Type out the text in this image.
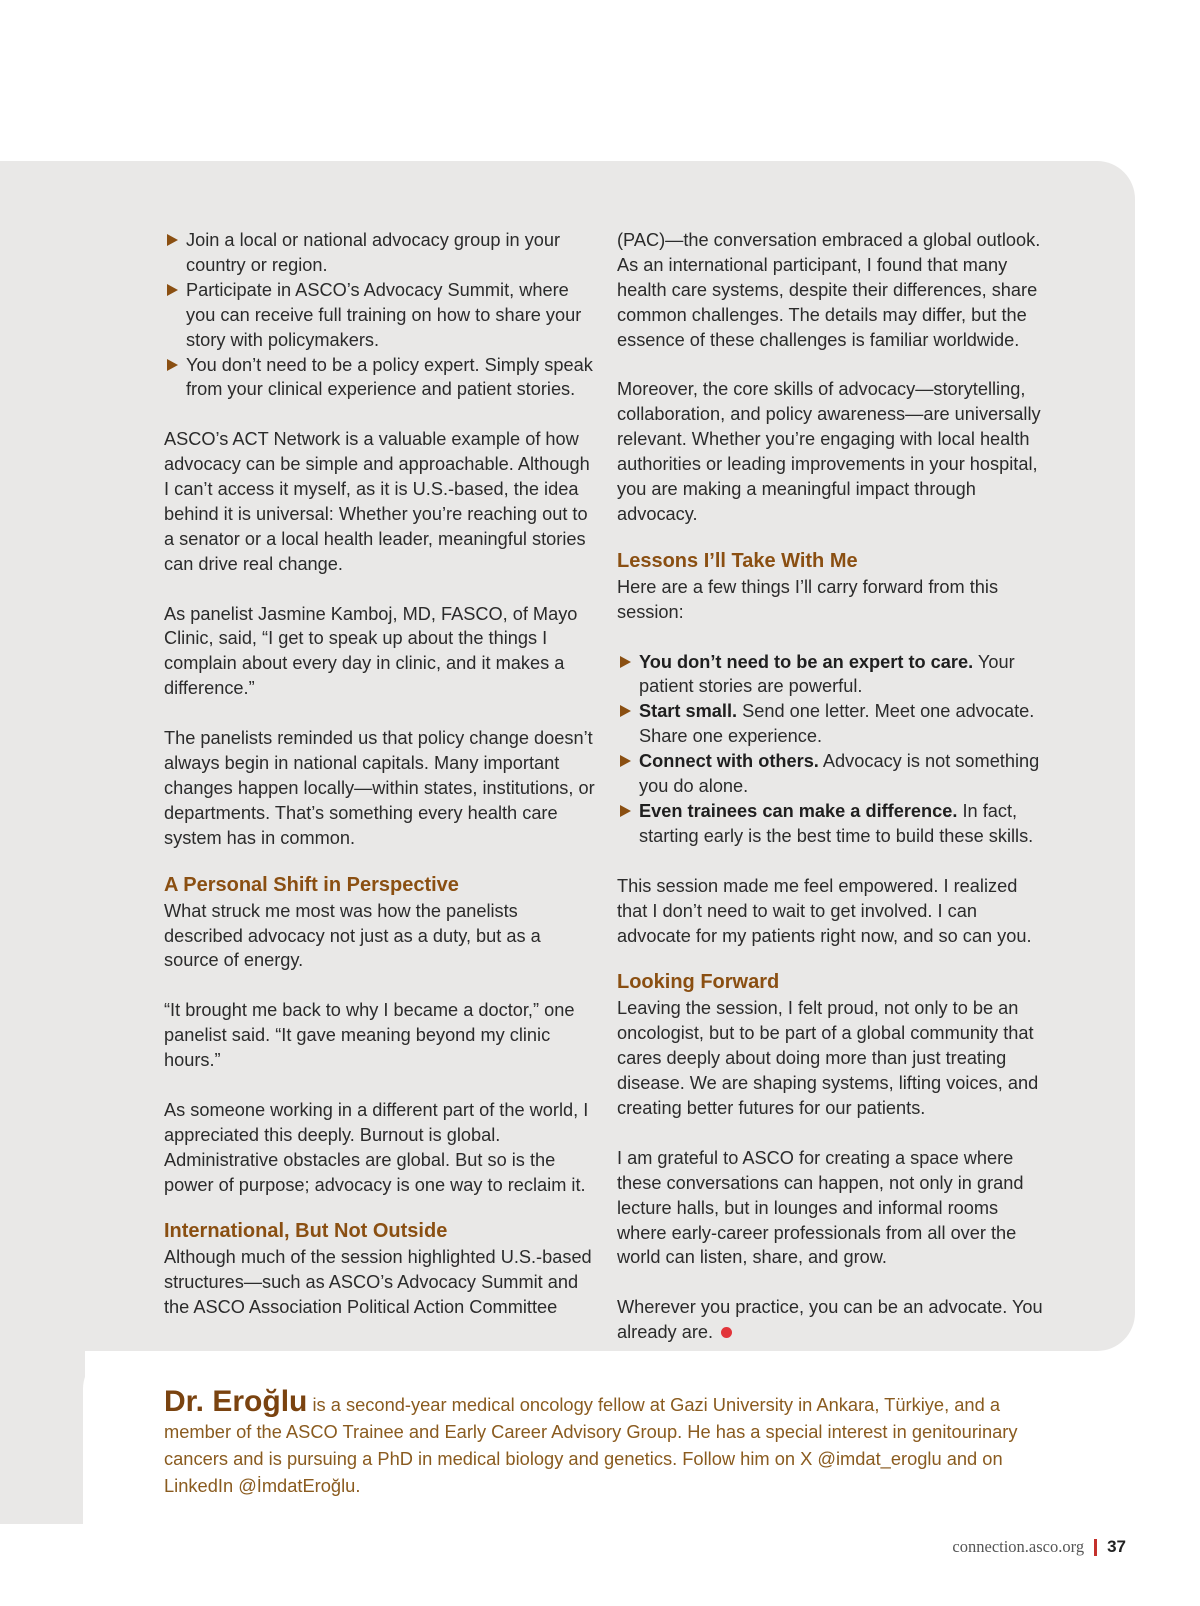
Join a local or national advocacy group in your country or region.
Participate in ASCO’s Advocacy Summit, where you can receive full training on how to share your story with policymakers.
You don’t need to be a policy expert. Simply speak from your clinical experience and patient stories.

ASCO’s ACT Network is a valuable example of how advocacy can be simple and approachable. Although I can’t access it myself, as it is U.S.-based, the idea behind it is universal: Whether you’re reaching out to a senator or a local health leader, meaningful stories can drive real change.

As panelist Jasmine Kamboj, MD, FASCO, of Mayo Clinic, said, “I get to speak up about the things I complain about every day in clinic, and it makes a difference.”

The panelists reminded us that policy change doesn’t always begin in national capitals. Many important changes happen locally—within states, institutions, or departments. That’s something every health care system has in common.

A Personal Shift in Perspective

What struck me most was how the panelists described advocacy not just as a duty, but as a source of energy.

“It brought me back to why I became a doctor,” one panelist said. “It gave meaning beyond my clinic hours.”

As someone working in a different part of the world, I appreciated this deeply. Burnout is global. Administrative obstacles are global. But so is the power of purpose; advocacy is one way to reclaim it.

International, But Not Outside

Although much of the session highlighted U.S.-based structures—such as ASCO’s Advocacy Summit and the ASCO Association Political Action Committee

(PAC)—the conversation embraced a global outlook. As an international participant, I found that many health care systems, despite their differences, share common challenges. The details may differ, but the essence of these challenges is familiar worldwide.

Moreover, the core skills of advocacy—storytelling, collaboration, and policy awareness—are universally relevant. Whether you’re engaging with local health authorities or leading improvements in your hospital, you are making a meaningful impact through advocacy.

Lessons I’ll Take With Me

Here are a few things I’ll carry forward from this session:

You don’t need to be an expert to care. Your patient stories are powerful.
Start small. Send one letter. Meet one advocate. Share one experience.
Connect with others. Advocacy is not something you do alone.
Even trainees can make a difference. In fact, starting early is the best time to build these skills.

This session made me feel empowered. I realized that I don’t need to wait to get involved. I can advocate for my patients right now, and so can you.

Looking Forward

Leaving the session, I felt proud, not only to be an oncologist, but to be part of a global community that cares deeply about doing more than just treating disease. We are shaping systems, lifting voices, and creating better futures for our patients.

I am grateful to ASCO for creating a space where these conversations can happen, not only in grand lecture halls, but in lounges and informal rooms where early-career professionals from all over the world can listen, share, and grow.

Wherever you practice, you can be an advocate. You already are.

Dr. Eroğlu is a second-year medical oncology fellow at Gazi University in Ankara, Türkiye, and a member of the ASCO Trainee and Early Career Advisory Group. He has a special interest in genitourinary cancers and is pursuing a PhD in medical biology and genetics. Follow him on X @imdat_eroglu and on LinkedIn @İmdatEroğlu.
connection.asco.org 37
